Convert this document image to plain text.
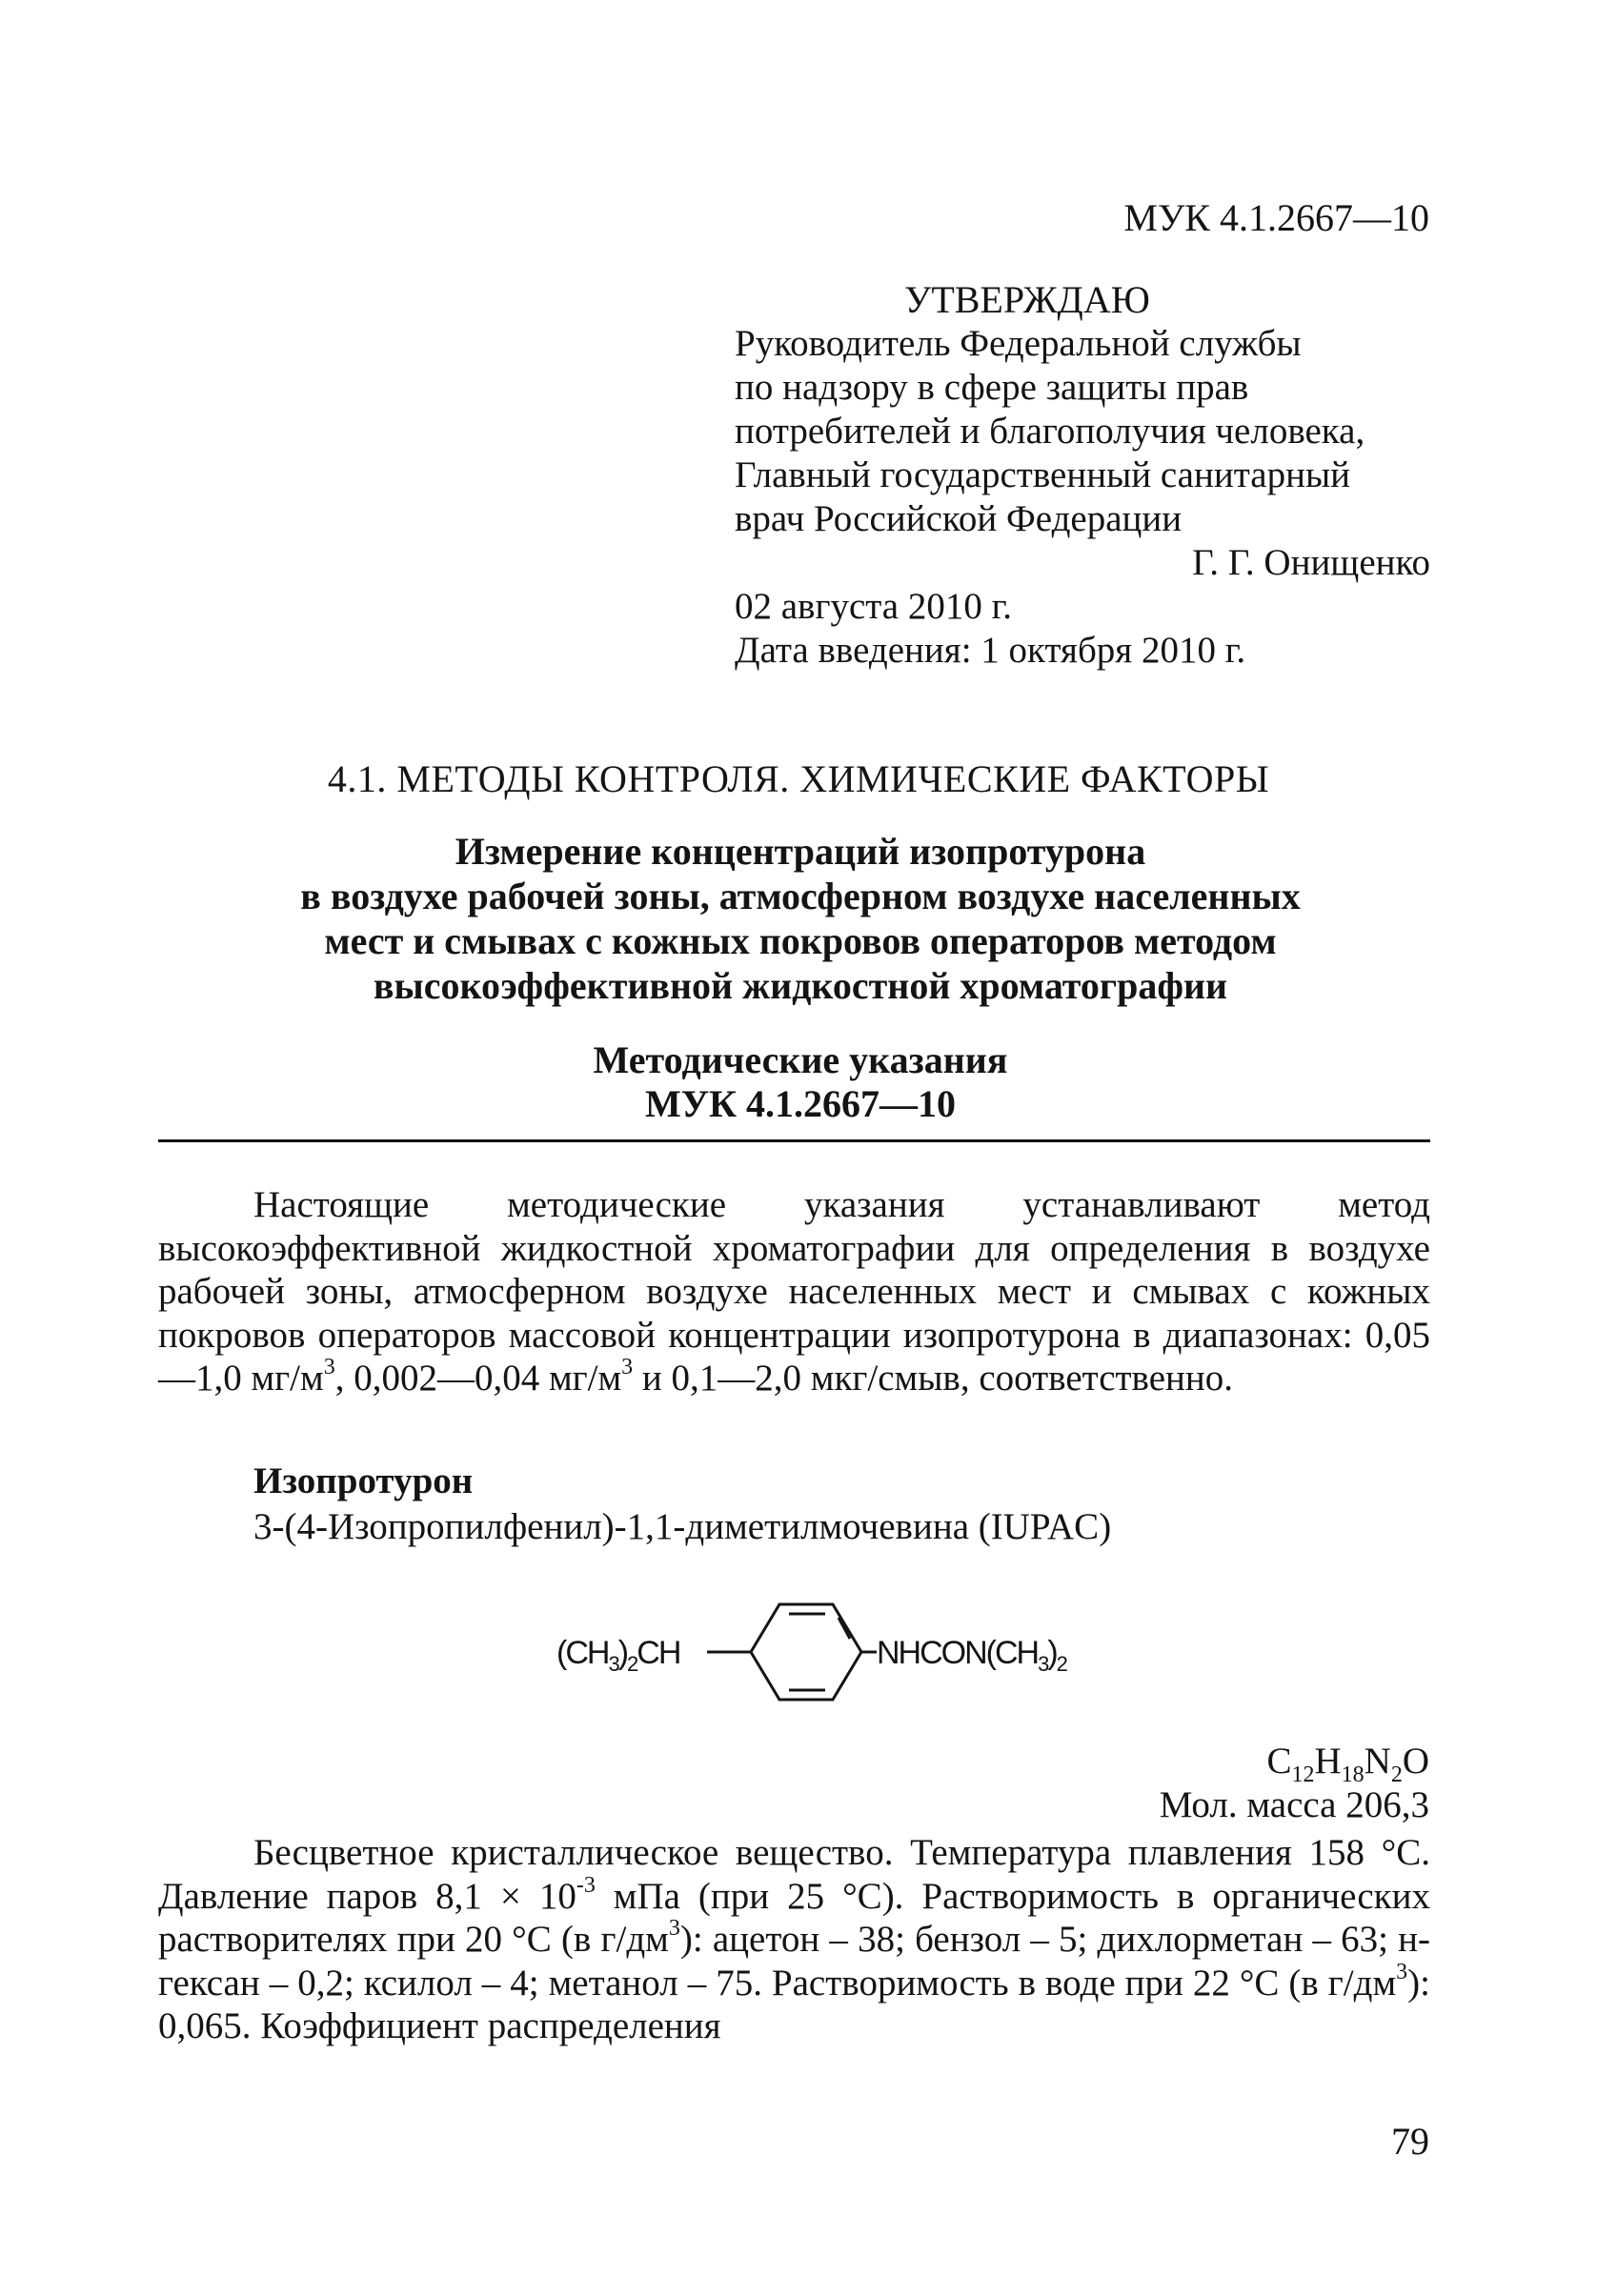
МУК 4.1.2667—10
УТВЕРЖДАЮ
Руководитель Федеральной службы
по надзору в сфере защиты прав
потребителей и благополучия человека,
Главный государственный санитарный
врач Российской Федерации
Г. Г. Онищенко
02 августа 2010 г.
Дата введения: 1 октября 2010 г.
4.1. МЕТОДЫ КОНТРОЛЯ. ХИМИЧЕСКИЕ ФАКТОРЫ
Измерение концентраций изопротурона
в воздухе рабочей зоны, атмосферном воздухе населенных
мест и смывах с кожных покровов операторов методом
высокоэффективной жидкостной хроматографии
Методические указания
МУК 4.1.2667—10

Настоящие методические указания устанавливают метод высокоэффективной жидкостной хроматографии для определения в воздухе рабочей зоны, атмосферном воздухе населенных мест и смывах с кожных покровов операторов массовой концентрации изопротурона в диапазонах: 0,05—1,0 $мг/м^3$, 0,002—0,04 $мг/м^3$ и 0,1—2,0 мкг/смыв, соответственно.

Изопротурон
3-(4-Изопропилфенил)-1,1-диметилмочевина (IUPAC)
$(CH_3)_2CH$	$NHCON(CH_3)_2$
$C_{12}H_{18}N_2O$
Мол. масса 206,3

Бесцветное кристаллическое вещество. Температура плавления 158 °С. Давление паров $8,1 \times 10^{-3}$ мПа (при 25 °С). Растворимость в органических растворителях при 20 °С (в $г/дм^3$): ацетон – 38; бензол – 5; дихлорметан – 63; н-гексан – 0,2; ксилол – 4; метанол – 75. Растворимость в воде при 22 °С (в $г/дм^3$): 0,065. Коэффициент распределения

79
